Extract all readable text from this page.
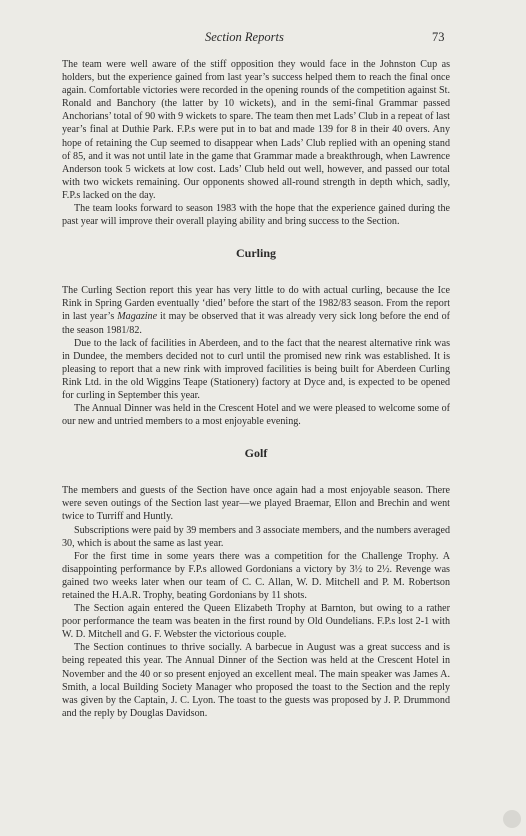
Section Reports	73

The team were well aware of the stiff opposition they would face in the Johnston Cup as holders, but the experience gained from last year’s success helped them to reach the final once again. Comfortable victories were recorded in the opening rounds of the competition against St. Ronald and Banchory (the latter by 10 wickets), and in the semi-final Grammar passed Anchorians’ total of 90 with 9 wickets to spare. The team then met Lads’ Club in a repeat of last year’s final at Duthie Park. F.P.s were put in to bat and made 139 for 8 in their 40 overs. Any hope of retaining the Cup seemed to disappear when Lads’ Club replied with an opening stand of 85, and it was not until late in the game that Grammar made a breakthrough, when Lawrence Anderson took 5 wickets at low cost. Lads’ Club held out well, however, and passed our total with two wickets remaining. Our opponents showed all-round strength in depth which, sadly, F.P.s lacked on the day.

The team looks forward to season 1983 with the hope that the experience gained during the past year will improve their overall playing ability and bring success to the Section.

Curling

The Curling Section report this year has very little to do with actual curling, because the Ice Rink in Spring Garden eventually ‘died’ before the start of the 1982/83 season. From the report in last year’s Magazine it may be observed that it was already very sick long before the end of the season 1981/82.

Due to the lack of facilities in Aberdeen, and to the fact that the nearest alternative rink was in Dundee, the members decided not to curl until the promised new rink was established. It is pleasing to report that a new rink with improved facilities is being built for Aberdeen Curling Rink Ltd. in the old Wiggins Teape (Stationery) factory at Dyce and, is expected to be opened for curling in September this year.

The Annual Dinner was held in the Crescent Hotel and we were pleased to welcome some of our new and untried members to a most enjoyable evening.

Golf

The members and guests of the Section have once again had a most enjoyable season. There were seven outings of the Section last year—we played Braemar, Ellon and Brechin and went twice to Turriff and Huntly.

Subscriptions were paid by 39 members and 3 associate members, and the numbers averaged 30, which is about the same as last year.

For the first time in some years there was a competition for the Challenge Trophy. A disappointing performance by F.P.s allowed Gordonians a victory by 3½ to 2½. Revenge was gained two weeks later when our team of C. C. Allan, W. D. Mitchell and P. M. Robertson retained the H.A.R. Trophy, beating Gordonians by 11 shots.

The Section again entered the Queen Elizabeth Trophy at Barnton, but owing to a rather poor performance the team was beaten in the first round by Old Oundelians. F.P.s lost 2-1 with W. D. Mitchell and G. F. Webster the victorious couple.

The Section continues to thrive socially. A barbecue in August was a great success and is being repeated this year. The Annual Dinner of the Section was held at the Crescent Hotel in November and the 40 or so present enjoyed an excellent meal. The main speaker was James A. Smith, a local Building Society Manager who proposed the toast to the Section and the reply was given by the Captain, J. C. Lyon. The toast to the guests was proposed by J. P. Drummond and the reply by Douglas Davidson.
